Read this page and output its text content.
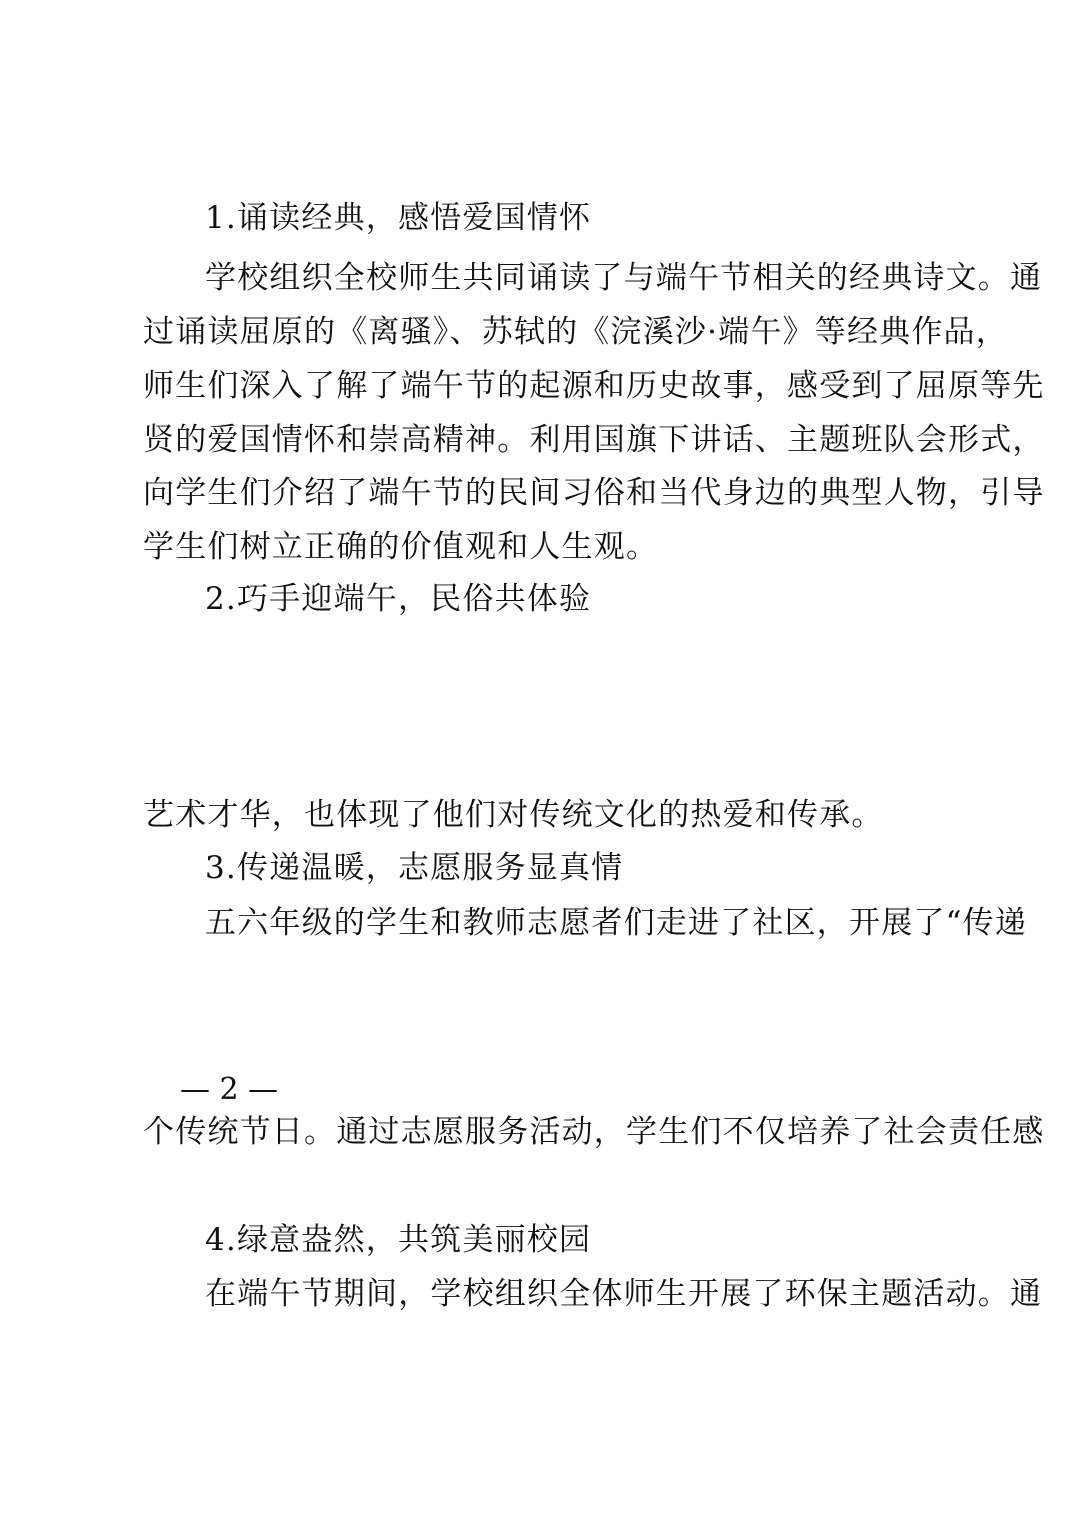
1.诵读经典，感悟爱国情怀
学校组织全校师生共同诵读了与端午节相关的经典诗文。通
过诵读屈原的《离骚》、苏轼的《浣溪沙·端午》等经典作品，
师生们深入了解了端午节的起源和历史故事，感受到了屈原等先
贤的爱国情怀和崇高精神。利用国旗下讲话、主题班队会形式，
向学生们介绍了端午节的民间习俗和当代身边的典型人物，引导
学生们树立正确的价值观和人生观。
2.巧手迎端午，民俗共体验
艺术才华，也体现了他们对传统文化的热爱和传承。
3.传递温暖，志愿服务显真情
五六年级的学生和教师志愿者们走进了社区，开展了“传递
个传统节日。通过志愿服务活动，学生们不仅培养了社会责任感
4.绿意盎然，共筑美丽校园
在端午节期间，学校组织全体师生开展了环保主题活动。通
— 2 —
